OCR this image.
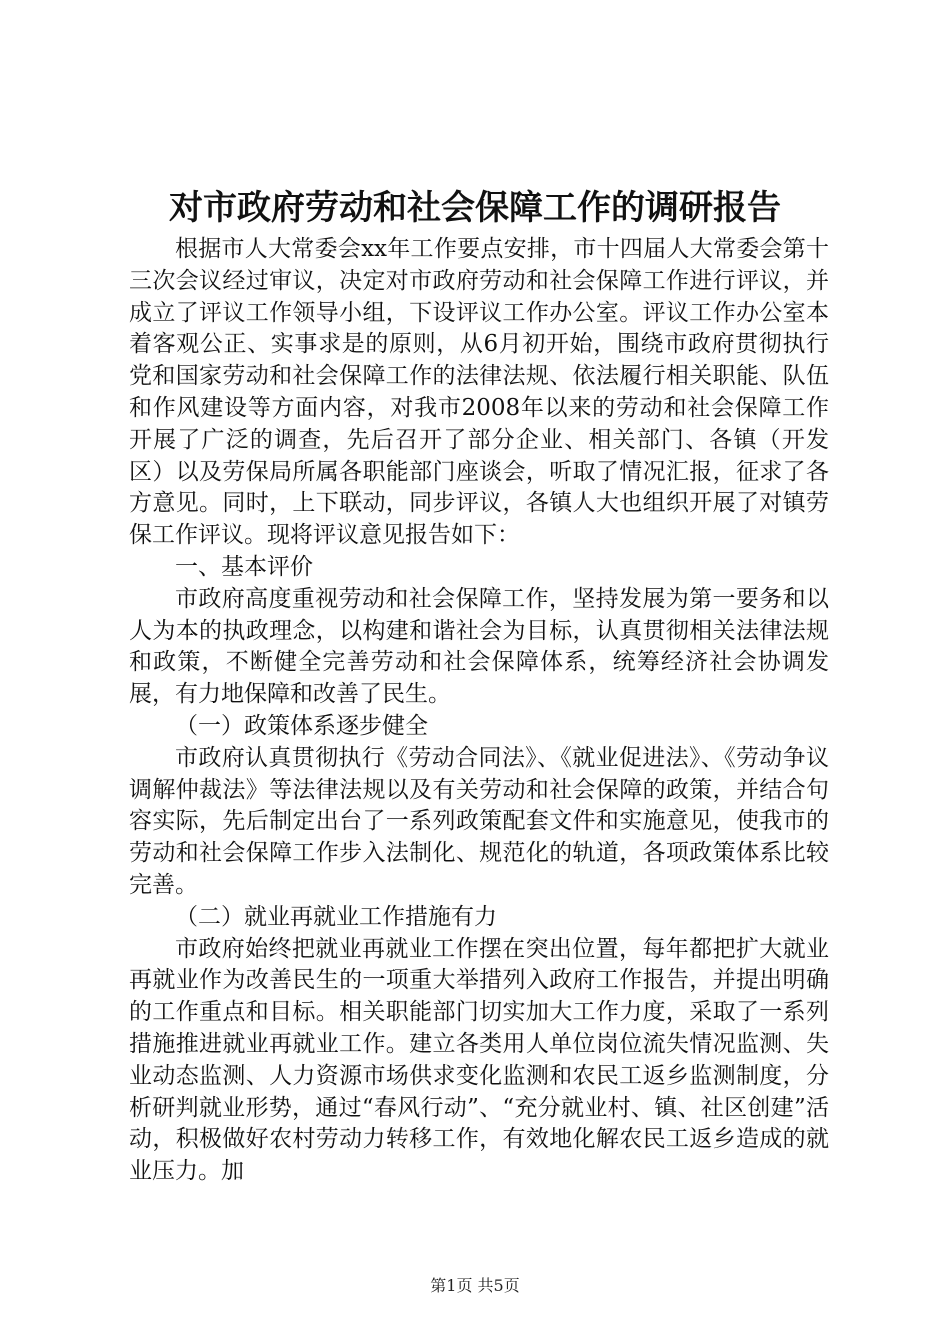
对市政府劳动和社会保障工作的调研报告

根据市人大常委会xx年工作要点安排，市十四届人大常委会第十三次会议经过审议，决定对市政府劳动和社会保障工作进行评议，并成立了评议工作领导小组，下设评议工作办公室。评议工作办公室本着客观公正、实事求是的原则，从6月初开始，围绕市政府贯彻执行党和国家劳动和社会保障工作的法律法规、依法履行相关职能、队伍和作风建设等方面内容，对我市2008年以来的劳动和社会保障工作开展了广泛的调查，先后召开了部分企业、相关部门、各镇（开发区）以及劳保局所属各职能部门座谈会，听取了情况汇报，征求了各方意见。同时，上下联动，同步评议，各镇人大也组织开展了对镇劳保工作评议。现将评议意见报告如下：

一、基本评价

市政府高度重视劳动和社会保障工作，坚持发展为第一要务和以人为本的执政理念，以构建和谐社会为目标，认真贯彻相关法律法规和政策，不断健全完善劳动和社会保障体系，统筹经济社会协调发展，有力地保障和改善了民生。

（一）政策体系逐步健全

市政府认真贯彻执行《劳动合同法》、《就业促进法》、《劳动争议调解仲裁法》等法律法规以及有关劳动和社会保障的政策，并结合句容实际，先后制定出台了一系列政策配套文件和实施意见，使我市的劳动和社会保障工作步入法制化、规范化的轨道，各项政策体系比较完善。

（二）就业再就业工作措施有力

市政府始终把就业再就业工作摆在突出位置，每年都把扩大就业再就业作为改善民生的一项重大举措列入政府工作报告，并提出明确的工作重点和目标。相关职能部门切实加大工作力度，采取了一系列措施推进就业再就业工作。建立各类用人单位岗位流失情况监测、失业动态监测、人力资源市场供求变化监测和农民工返乡监测制度，分析研判就业形势，通过“春风行动”、“充分就业村、镇、社区创建”活动，积极做好农村劳动力转移工作，有效地化解农民工返乡造成的就业压力。加

第1页 共5页
